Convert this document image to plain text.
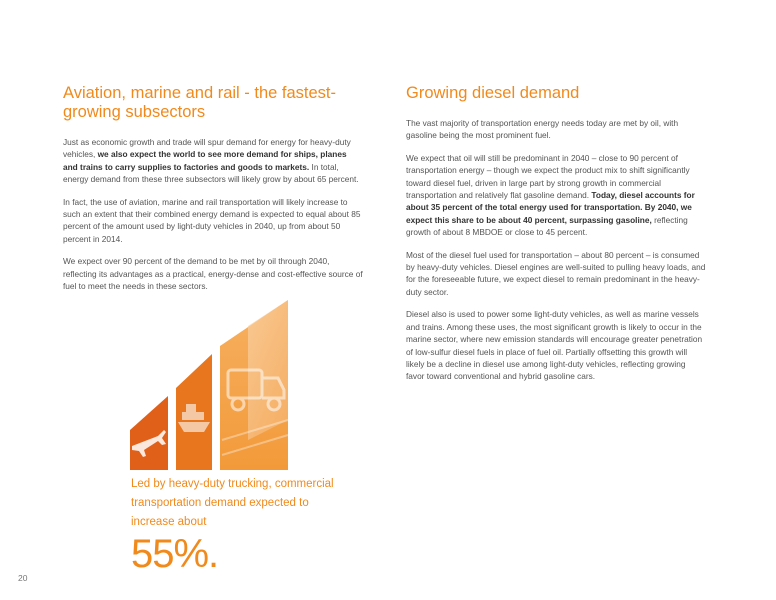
Aviation, marine and rail - the fastest-growing subsectors

Just as economic growth and trade will spur demand for energy for heavy-duty vehicles, we also expect the world to see more demand for ships, planes and trains to carry supplies to factories and goods to markets. In total, energy demand from these three subsectors will likely grow by about 65 percent.

In fact, the use of aviation, marine and rail transportation will likely increase to such an extent that their combined energy demand is expected to equal about 85 percent of the amount used by light-duty vehicles in 2040, up from about 50 percent in 2014.

We expect over 90 percent of the demand to be met by oil through 2040, reflecting its advantages as a practical, energy-dense and cost-effective source of fuel to meet the needs in these sectors.

Growing diesel demand

The vast majority of transportation energy needs today are met by oil, with gasoline being the most prominent fuel.

We expect that oil will still be predominant in 2040 – close to 90 percent of transportation energy – though we expect the product mix to shift significantly toward diesel fuel, driven in large part by strong growth in commercial transportation and relatively flat gasoline demand. Today, diesel accounts for about 35 percent of the total energy used for transportation. By 2040, we expect this share to be about 40 percent, surpassing gasoline, reflecting growth of about 8 MBDOE or close to 45 percent.

Most of the diesel fuel used for transportation – about 80 percent – is consumed by heavy-duty vehicles. Diesel engines are well-suited to pulling heavy loads, and for the foreseeable future, we expect diesel to remain predominant in the heavy-duty sector.

Diesel also is used to power some light-duty vehicles, as well as marine vessels and trains. Among these uses, the most significant growth is likely to occur in the marine sector, where new emission standards will encourage greater penetration of low-sulfur diesel fuels in place of fuel oil. Partially offsetting this growth will likely be a decline in diesel use among light-duty vehicles, reflecting growing favor toward conventional and hybrid gasoline cars.

Led by heavy-duty trucking, commercial transportation demand expected to increase about

55%.

20
